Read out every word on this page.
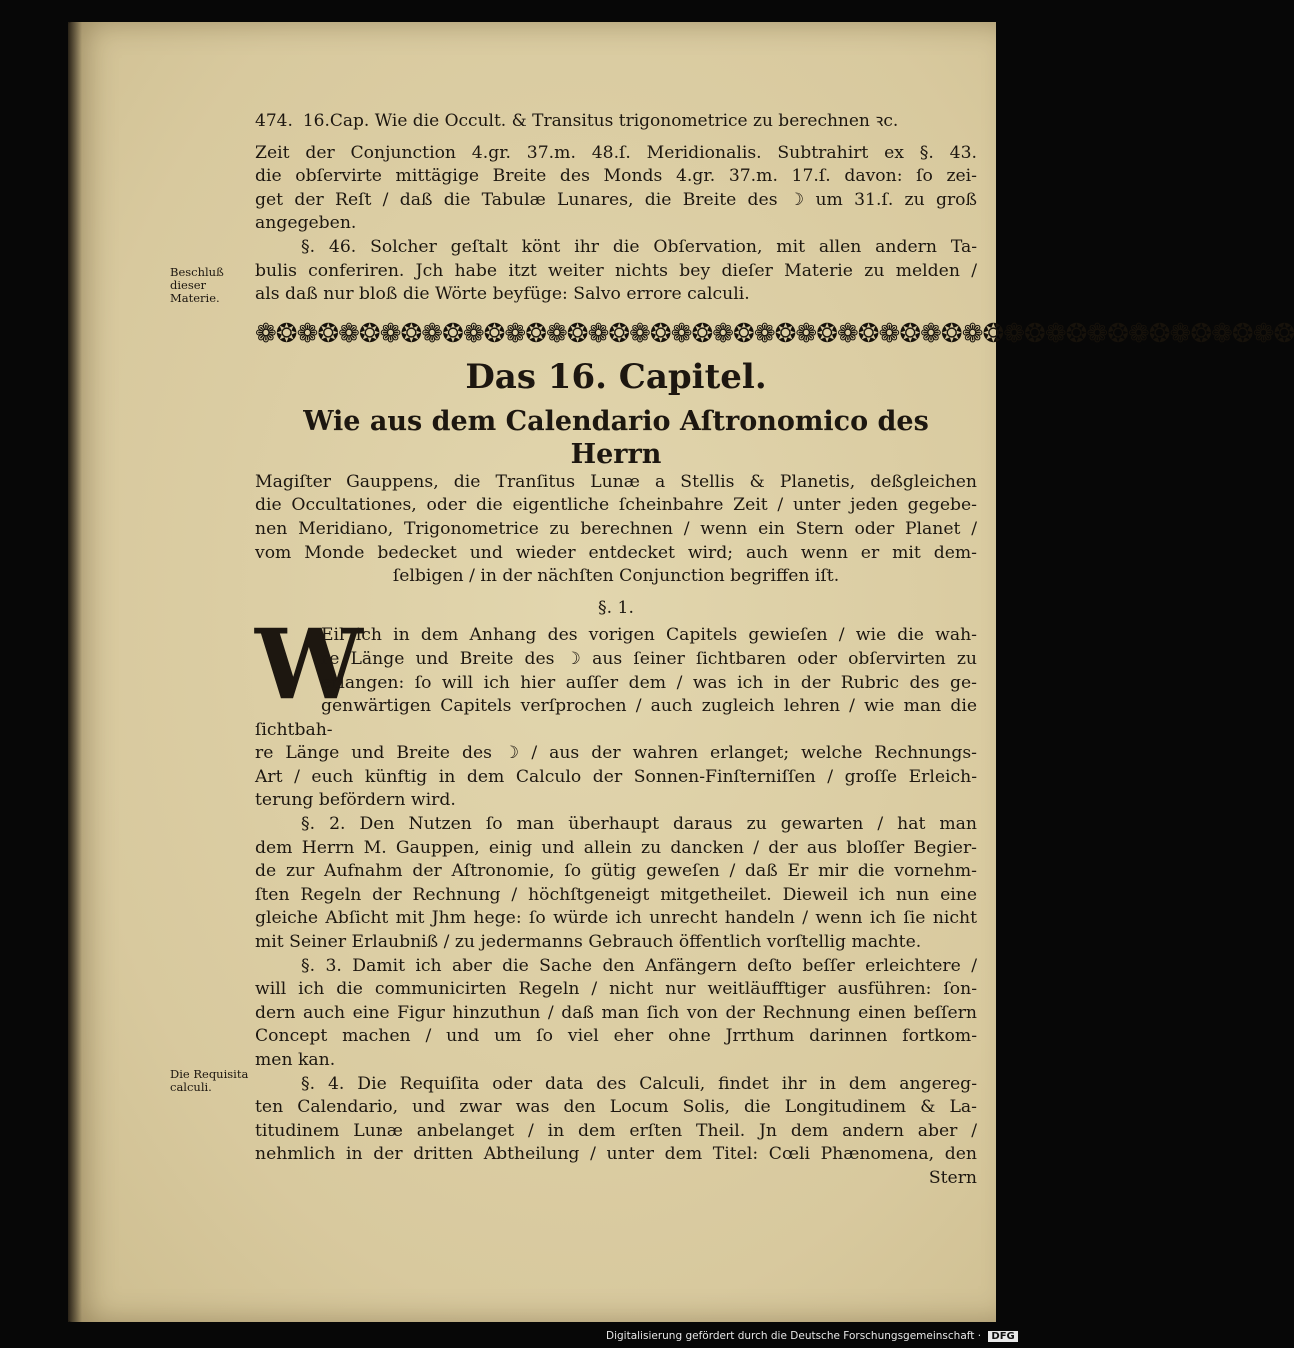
Beschluß dieser Materie.
Die Requisita calculi.
474. 16.Cap. Wie die Occult. & Transitus trigonometrice zu berechnen ꝛc.

Zeit der Conjunction 4.gr. 37.m. 48.ſ. Meridionalis. Subtrahirt ex §. 43.

die obſervirte mittägige Breite des Monds 4.gr. 37.m. 17.ſ. davon: ſo zei-

get der Reſt / daß die Tabulæ Lunares, die Breite des ☽ um 31.ſ. zu groß

angegeben.

§. 46. Solcher geſtalt könt ihr die Obſervation, mit allen andern Ta-

bulis conferiren. Jch habe itzt weiter nichts bey dieſer Materie zu melden /

als daß nur bloß die Wörte beyfüge: Salvo errore calculi.

❁❂❁❂❁❂❁❂❁❂❁❂❁❂❁❂❁❂❁❂❁❂❁❂❁❂❁❂❁❂❁❂❁❂❁❂❁❂❁❂❁❂❁❂❁❂❁❂❁❂
Das 16. Capitel.

Wie aus dem Calendario Aſtronomico des Herrn

Magiſter Gauppens, die Tranſitus Lunæ a Stellis & Planetis, deßgleichen

die Occultationes, oder die eigentliche ſcheinbahre Zeit / unter jeden gegebe-

nen Meridiano, Trigonometrice zu berechnen / wenn ein Stern oder Planet /

vom Monde bedecket und wieder entdecket wird; auch wenn er mit dem-

ſelbigen / in der nächſten Conjunction begriffen iſt.

§. 1.
W

Eil ich in dem Anhang des vorigen Capitels gewieſen / wie die wah-

re Länge und Breite des ☽ aus ſeiner ſichtbaren oder obſervirten zu

erlangen: ſo will ich hier auſſer dem / was ich in der Rubric des ge-

genwärtigen Capitels verſprochen / auch zugleich lehren / wie man die ſichtbah-

re Länge und Breite des ☽ / aus der wahren erlanget; welche Rechnungs-

Art / euch künftig in dem Calculo der Sonnen-Finſterniſſen / groſſe Erleich-

terung befördern wird.

§. 2. Den Nutzen ſo man überhaupt daraus zu gewarten / hat man

dem Herrn M. Gauppen, einig und allein zu dancken / der aus bloſſer Begier-

de zur Aufnahm der Aſtronomie, ſo gütig geweſen / daß Er mir die vornehm-

ſten Regeln der Rechnung / höchſtgeneigt mitgetheilet. Dieweil ich nun eine

gleiche Abſicht mit Jhm hege: ſo würde ich unrecht handeln / wenn ich ſie nicht

mit Seiner Erlaubniß / zu jedermanns Gebrauch öffentlich vorſtellig machte.

§. 3. Damit ich aber die Sache den Anfängern deſto beſſer erleichtere /

will ich die communicirten Regeln / nicht nur weitläufftiger ausführen: ſon-

dern auch eine Figur hinzuthun / daß man ſich von der Rechnung einen beſſern

Concept machen / und um ſo viel eher ohne Jrrthum darinnen fortkom-

men kan.

§. 4. Die Requiſita oder data des Calculi, findet ihr in dem angereg-

ten Calendario, und zwar was den Locum Solis, die Longitudinem & La-

titudinem Lunæ anbelanget / in dem erſten Theil. Jn dem andern aber /

nehmlich in der dritten Abtheilung / unter dem Titel: Cœli Phænomena, den

Stern

Digitalisierung gefördert durch die Deutsche Forschungsgemeinschaft · DFG
